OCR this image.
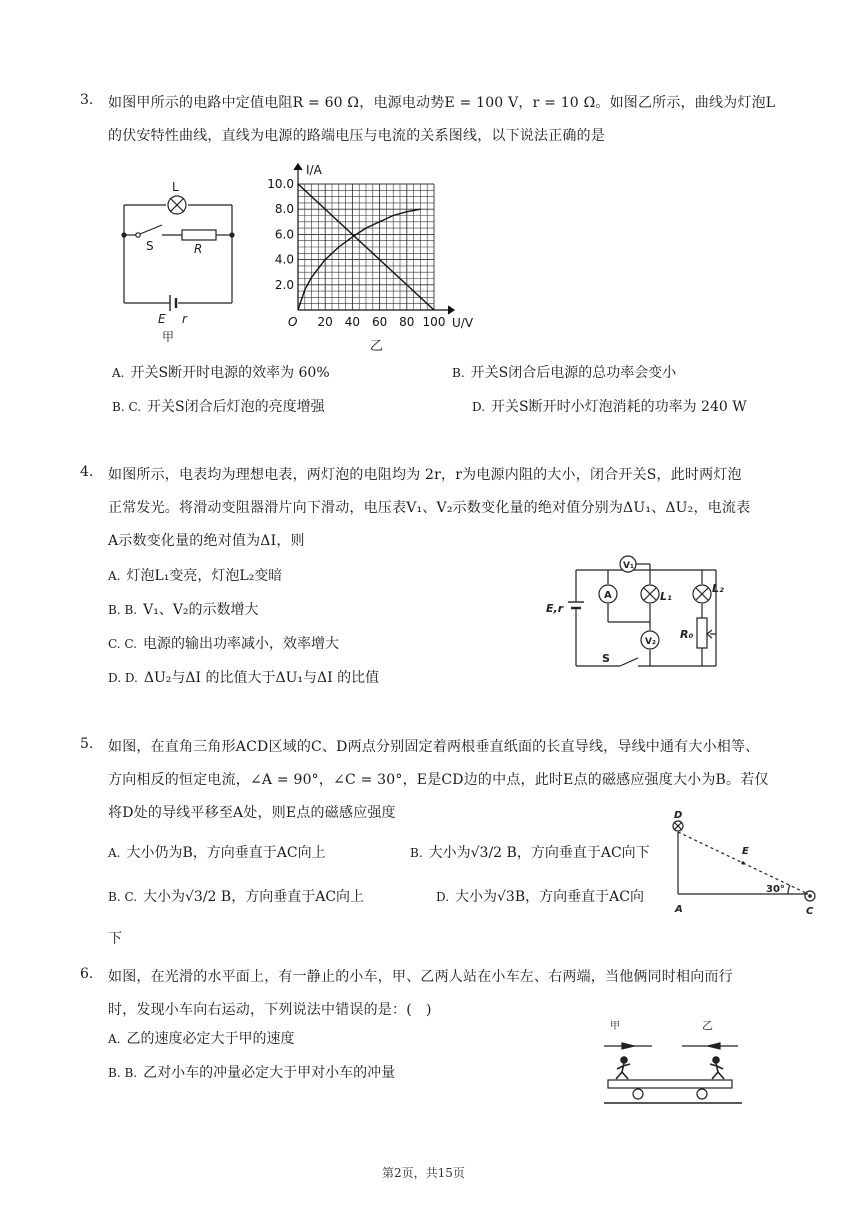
3. 如图甲所示的电路中定值电阻R = 60 Ω，电源电动势E = 100 V，r = 10 Ω。如图乙所示，曲线为灯泡L
的伏安特性曲线，直线为电源的路端电压与电流的关系图线，以下说法正确的是
L
S	R
E r
甲
20 40 60 80 100
2.0
4.0
6.0
8.0
10.0
I/A
U/V
O
乙
A. 开关S断开时电源的效率为 60%	B. 开关S闭合后电源的总功率会变小
B. C. 开关S闭合后灯泡的亮度增强	D. 开关S断开时小灯泡消耗的功率为 240 W
4. 如图所示，电表均为理想电表，两灯泡的电阻均为 2r，r为电源内阻的大小，闭合开关S，此时两灯泡
正常发光。将滑动变阻器滑片向下滑动，电压表V₁、V₂示数变化量的绝对值分别为ΔU₁、ΔU₂，电流表
A示数变化量的绝对值为ΔI，则
A. 灯泡L₁变亮，灯泡L₂变暗
B. B. V₁、V₂的示数增大
C. C. 电源的输出功率减小，效率增大
D. D. ΔU₂与ΔI 的比值大于ΔU₁与ΔI 的比值
V₁
A	L₁
V₂
L₂
E,r
R₀
S
5. 如图，在直角三角形ACD区域的C、D两点分别固定着两根垂直纸面的长直导线，导线中通有大小相等、
方向相反的恒定电流，∠A = 90°，∠C = 30°，E是CD边的中点，此时E点的磁感应强度大小为B。若仅
将D处的导线平移至A处，则E点的磁感应强度
A. 大小仍为B，方向垂直于AC向上	B. 大小为√3/2 B，方向垂直于AC向下
B. C. 大小为√3/2 B，方向垂直于AC向上	D. 大小为√3B，方向垂直于AC向
下
D
E
A	C
30°
6. 如图，在光滑的水平面上，有一静止的小车，甲、乙两人站在小车左、右两端，当他俩同时相向而行
时，发现小车向右运动，下列说法中错误的是：(　)
A. 乙的速度必定大于甲的速度
B. B. 乙对小车的冲量必定大于甲对小车的冲量
甲	乙
第2页，共15页
